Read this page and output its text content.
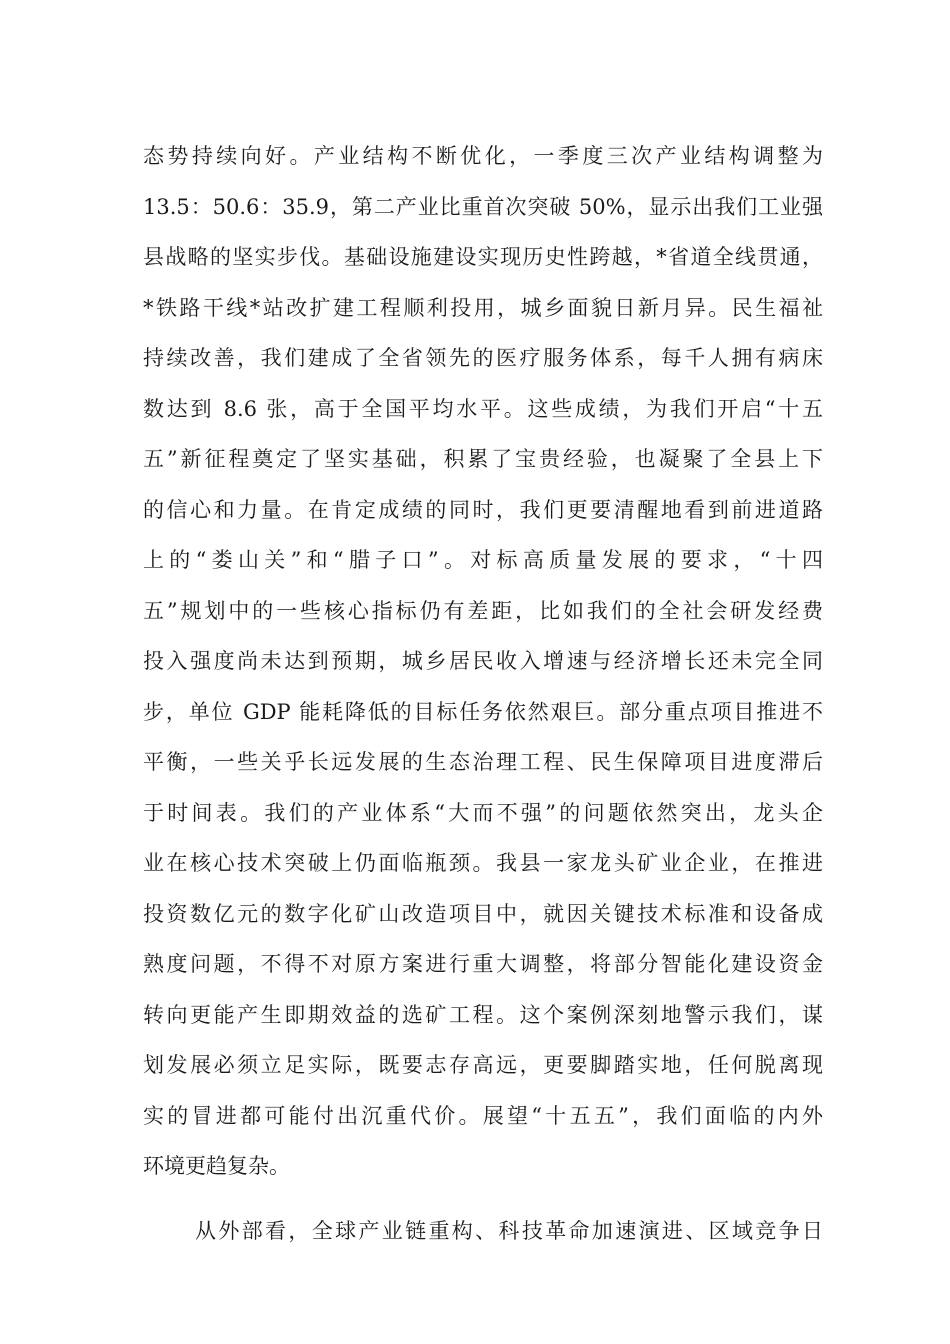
态势持续向好。产业结构不断优化，一季度三次产业结构调整为
13.5：50.6：35.9，第二产业比重首次突破 50%，显示出我们工业强
县战略的坚实步伐。基础设施建设实现历史性跨越，*省道全线贯通，
*铁路干线*站改扩建工程顺利投用，城乡面貌日新月异。民生福祉
持续改善，我们建成了全省领先的医疗服务体系，每千人拥有病床
数达到 8.6 张，高于全国平均水平。这些成绩，为我们开启“十五
五”新征程奠定了坚实基础，积累了宝贵经验，也凝聚了全县上下
的信心和力量。在肯定成绩的同时，我们更要清醒地看到前进道路
上的“娄山关”和“腊子口”。对标高质量发展的要求，“十四
五”规划中的一些核心指标仍有差距，比如我们的全社会研发经费
投入强度尚未达到预期，城乡居民收入增速与经济增长还未完全同
步，单位 GDP 能耗降低的目标任务依然艰巨。部分重点项目推进不
平衡，一些关乎长远发展的生态治理工程、民生保障项目进度滞后
于时间表。我们的产业体系“大而不强”的问题依然突出，龙头企
业在核心技术突破上仍面临瓶颈。我县一家龙头矿业企业，在推进
投资数亿元的数字化矿山改造项目中，就因关键技术标准和设备成
熟度问题，不得不对原方案进行重大调整，将部分智能化建设资金
转向更能产生即期效益的选矿工程。这个案例深刻地警示我们，谋
划发展必须立足实际，既要志存高远，更要脚踏实地，任何脱离现
实的冒进都可能付出沉重代价。展望“十五五”，我们面临的内外
环境更趋复杂。
从外部看，全球产业链重构、科技革命加速演进、区域竞争日
